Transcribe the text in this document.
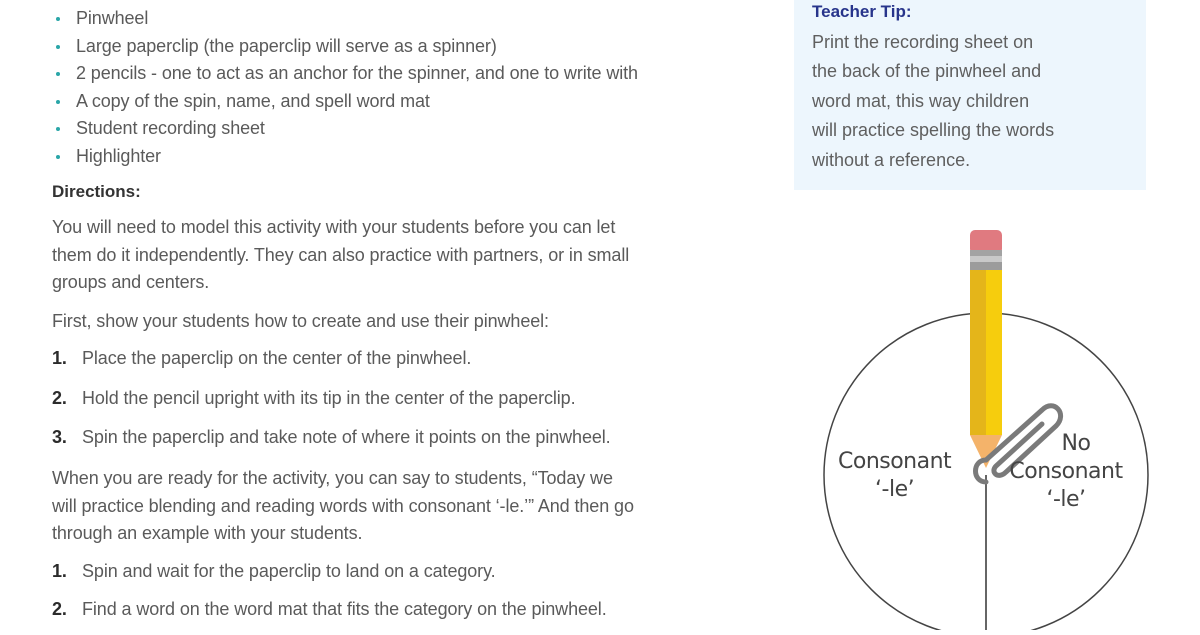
Pinwheel
Large paperclip (the paperclip will serve as a spinner)
2 pencils - one to act as an anchor for the spinner, and one to write with
A copy of the spin, name, and spell word mat
Student recording sheet
Highlighter
Directions:
You will need to model this activity with your students before you can let
them do it independently. They can also practice with partners, or in small
groups and centers.
First, show your students how to create and use their pinwheel:
1. Place the paperclip on the center of the pinwheel.
2. Hold the pencil upright with its tip in the center of the paperclip.
3. Spin the paperclip and take note of where it points on the pinwheel.
When you are ready for the activity, you can say to students, “Today we
will practice blending and reading words with consonant ‘-le.’” And then go
through an example with your students.
1. Spin and wait for the paperclip to land on a category.
2. Find a word on the word mat that fits the category on the pinwheel.
Teacher Tip:
Print the recording sheet on
the back of the pinwheel and
word mat, this way children
will practice spelling the words
without a reference.
Consonant
‘-le’
No
Consonant
‘-le’
